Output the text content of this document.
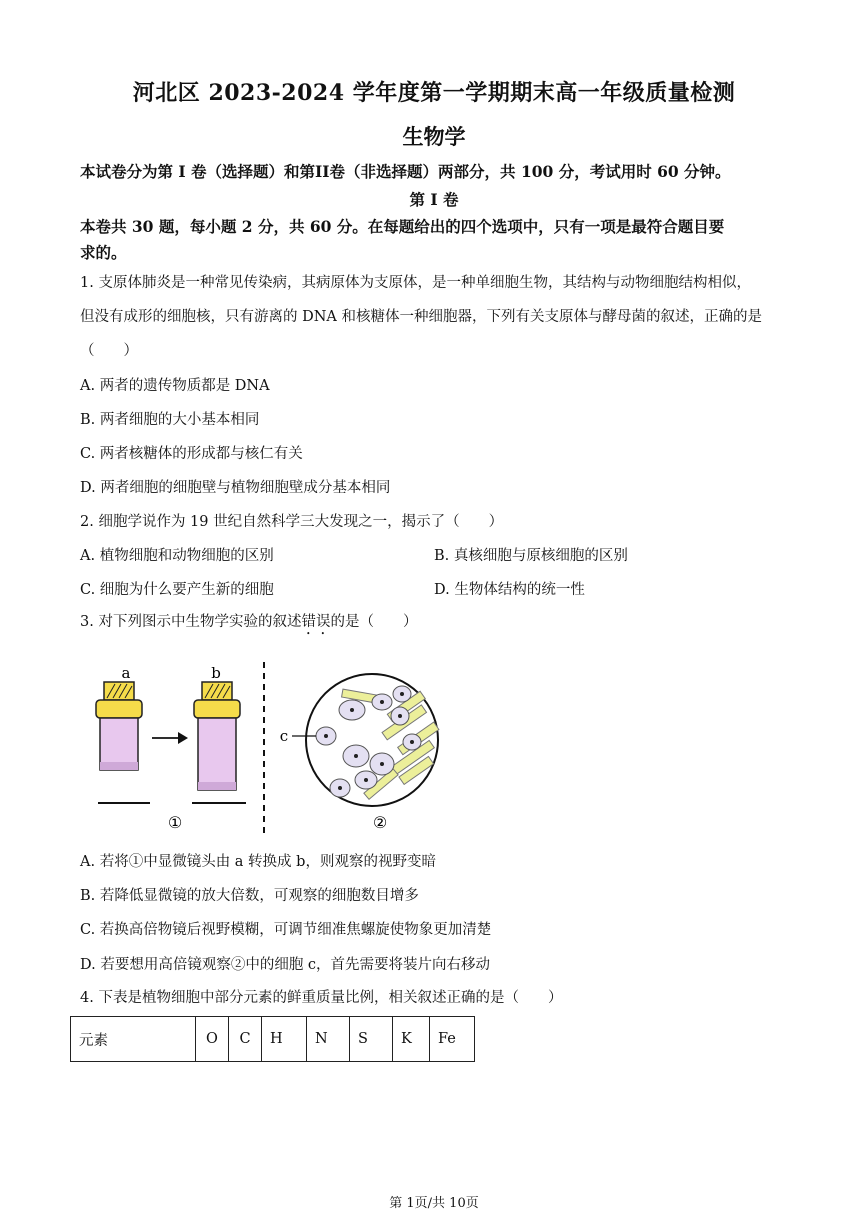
河北区 2023-2024 学年度第一学期期末高一年级质量检测
生物学
本试卷分为第 I 卷（选择题）和第II卷（非选择题）两部分，共 100 分，考试用时 60 分钟。
第 I 卷
本卷共 30 题，每小题 2 分，共 60 分。在每题给出的四个选项中，只有一项是最符合题目要
求的。
1. 支原体肺炎是一种常见传染病，其病原体为支原体，是一种单细胞生物，其结构与动物细胞结构相似，
但没有成形的细胞核，只有游离的 DNA 和核糖体一种细胞器，下列有关支原体与酵母菌的叙述，正确的是
（　　）
A. 两者的遗传物质都是 DNA
B. 两者细胞的大小基本相同
C. 两者核糖体的形成都与核仁有关
D. 两者细胞的细胞壁与植物细胞壁成分基本相同
2. 细胞学说作为 19 世纪自然科学三大发现之一，揭示了（　　）
A. 植物细胞和动物细胞的区别	B. 真核细胞与原核细胞的区别
C. 细胞为什么要产生新的细胞	D. 生物体结构的统一性
3. 对下列图示中生物学实验的叙述错误的是（　　）
a	b
c
①	②
A. 若将①中显微镜头由 a 转换成 b，则观察的视野变暗
B. 若降低显微镜的放大倍数，可观察的细胞数目增多
C. 若换高倍物镜后视野模糊，可调节细准焦螺旋使物象更加清楚
D. 若要想用高倍镜观察②中的细胞 c，首先需要将装片向右移动
4. 下表是植物细胞中部分元素的鲜重质量比例，相关叙述正确的是（　　）
元素	O	C	H	N	S	K	Fe
第 1页/共 10页
